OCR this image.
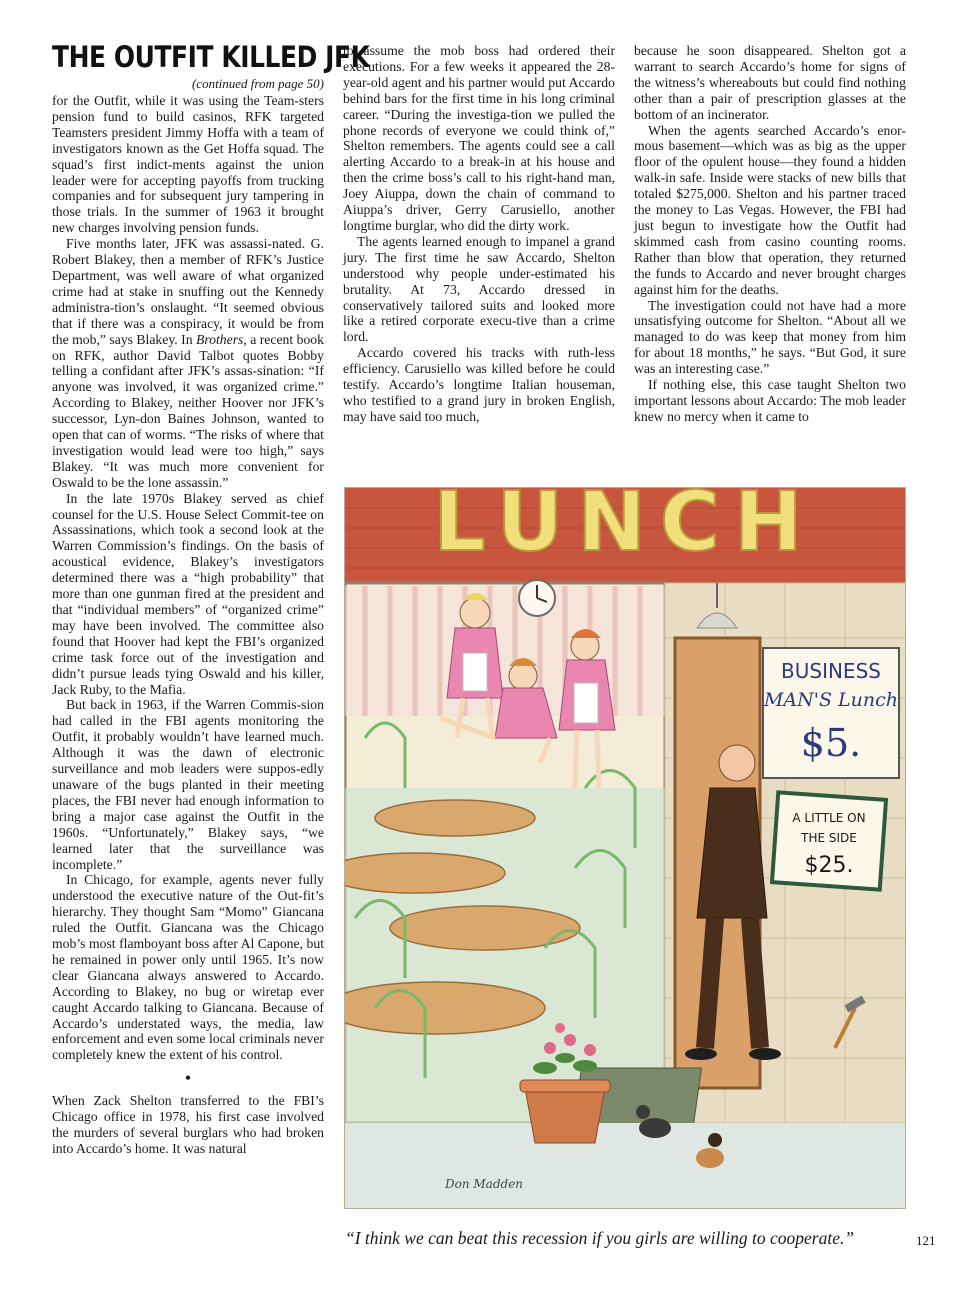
THE OUTFIT KILLED JFK
(continued from page 50)

for the Outfit, while it was using the Team-sters pension fund to build casinos, RFK targeted Teamsters president Jimmy Hoffa with a team of investigators known as the Get Hoffa squad. The squad’s first indict-ments against the union leader were for accepting payoffs from trucking companies and for subsequent jury tampering in those trials. In the summer of 1963 it brought new charges involving pension funds.

Five months later, JFK was assassi-nated. G. Robert Blakey, then a member of RFK’s Justice Department, was well aware of what organized crime had at stake in snuffing out the Kennedy administra-tion’s onslaught. “It seemed obvious that if there was a conspiracy, it would be from the mob,” says Blakey. In Brothers, a recent book on RFK, author David Talbot quotes Bobby telling a confidant after JFK’s assas-sination: “If anyone was involved, it was organized crime.” According to Blakey, neither Hoover nor JFK’s successor, Lyn-don Baines Johnson, wanted to open that can of worms. “The risks of where that investigation would lead were too high,” says Blakey. “It was much more convenient for Oswald to be the lone assassin.”

In the late 1970s Blakey served as chief counsel for the U.S. House Select Commit-tee on Assassinations, which took a second look at the Warren Commission’s findings. On the basis of acoustical evidence, Blakey’s investigators determined there was a “high probability” that more than one gunman fired at the president and that “individual members” of “organized crime” may have been involved. The committee also found that Hoover had kept the FBI’s organized crime task force out of the investigation and didn’t pursue leads tying Oswald and his killer, Jack Ruby, to the Mafia.

But back in 1963, if the Warren Commis-sion had called in the FBI agents monitoring the Outfit, it probably wouldn’t have learned much. Although it was the dawn of electronic surveillance and mob leaders were suppos-edly unaware of the bugs planted in their meeting places, the FBI never had enough information to bring a major case against the Outfit in the 1960s. “Unfortunately,” Blakey says, “we learned later that the surveillance was incomplete.”

In Chicago, for example, agents never fully understood the executive nature of the Out-fit’s hierarchy. They thought Sam “Momo” Giancana ruled the Outfit. Giancana was the Chicago mob’s most flamboyant boss after Al Capone, but he remained in power only until 1965. It’s now clear Giancana always answered to Accardo. According to Blakey, no bug or wiretap ever caught Accardo talking to Giancana. Because of Accardo’s understated ways, the media, law enforcement and even some local criminals never completely knew the extent of his control.

•

When Zack Shelton transferred to the FBI’s Chicago office in 1978, his first case involved the murders of several burglars who had broken into Accardo’s home. It was natural

to assume the mob boss had ordered their executions. For a few weeks it appeared the 28-year-old agent and his partner would put Accardo behind bars for the first time in his long criminal career. “During the investiga-tion we pulled the phone records of everyone we could think of,” Shelton remembers. The agents could see a call alerting Accardo to a break-in at his house and then the crime boss’s call to his right-hand man, Joey Aiuppa, down the chain of command to Aiuppa’s driver, Gerry Carusiello, another longtime burglar, who did the dirty work.

The agents learned enough to impanel a grand jury. The first time he saw Accardo, Shelton understood why people under-estimated his brutality. At 73, Accardo dressed in conservatively tailored suits and looked more like a retired corporate execu-tive than a crime lord.

Accardo covered his tracks with ruth-less efficiency. Carusiello was killed before he could testify. Accardo’s longtime Italian houseman, who testified to a grand jury in broken English, may have said too much,

because he soon disappeared. Shelton got a warrant to search Accardo’s home for signs of the witness’s whereabouts but could find nothing other than a pair of prescription glasses at the bottom of an incinerator.

When the agents searched Accardo’s enor-mous basement—which was as big as the upper floor of the opulent house—they found a hidden walk-in safe. Inside were stacks of new bills that totaled $275,000. Shelton and his partner traced the money to Las Vegas. However, the FBI had just begun to investigate how the Outfit had skimmed cash from casino counting rooms. Rather than blow that operation, they returned the funds to Accardo and never brought charges against him for the deaths.

The investigation could not have had a more unsatisfying outcome for Shelton. “About all we managed to do was keep that money from him for about 18 months,” he says. “But God, it sure was an interesting case.”

If nothing else, this case taught Shelton two important lessons about Accardo: The mob leader knew no mercy when it came to

LUNCH
BUSINESS
MAN'S Lunch
$5.
A LITTLE ON
THE SIDE
$25.
Don Madden
“I think we can beat this recession if you girls are willing to cooperate.”	121
